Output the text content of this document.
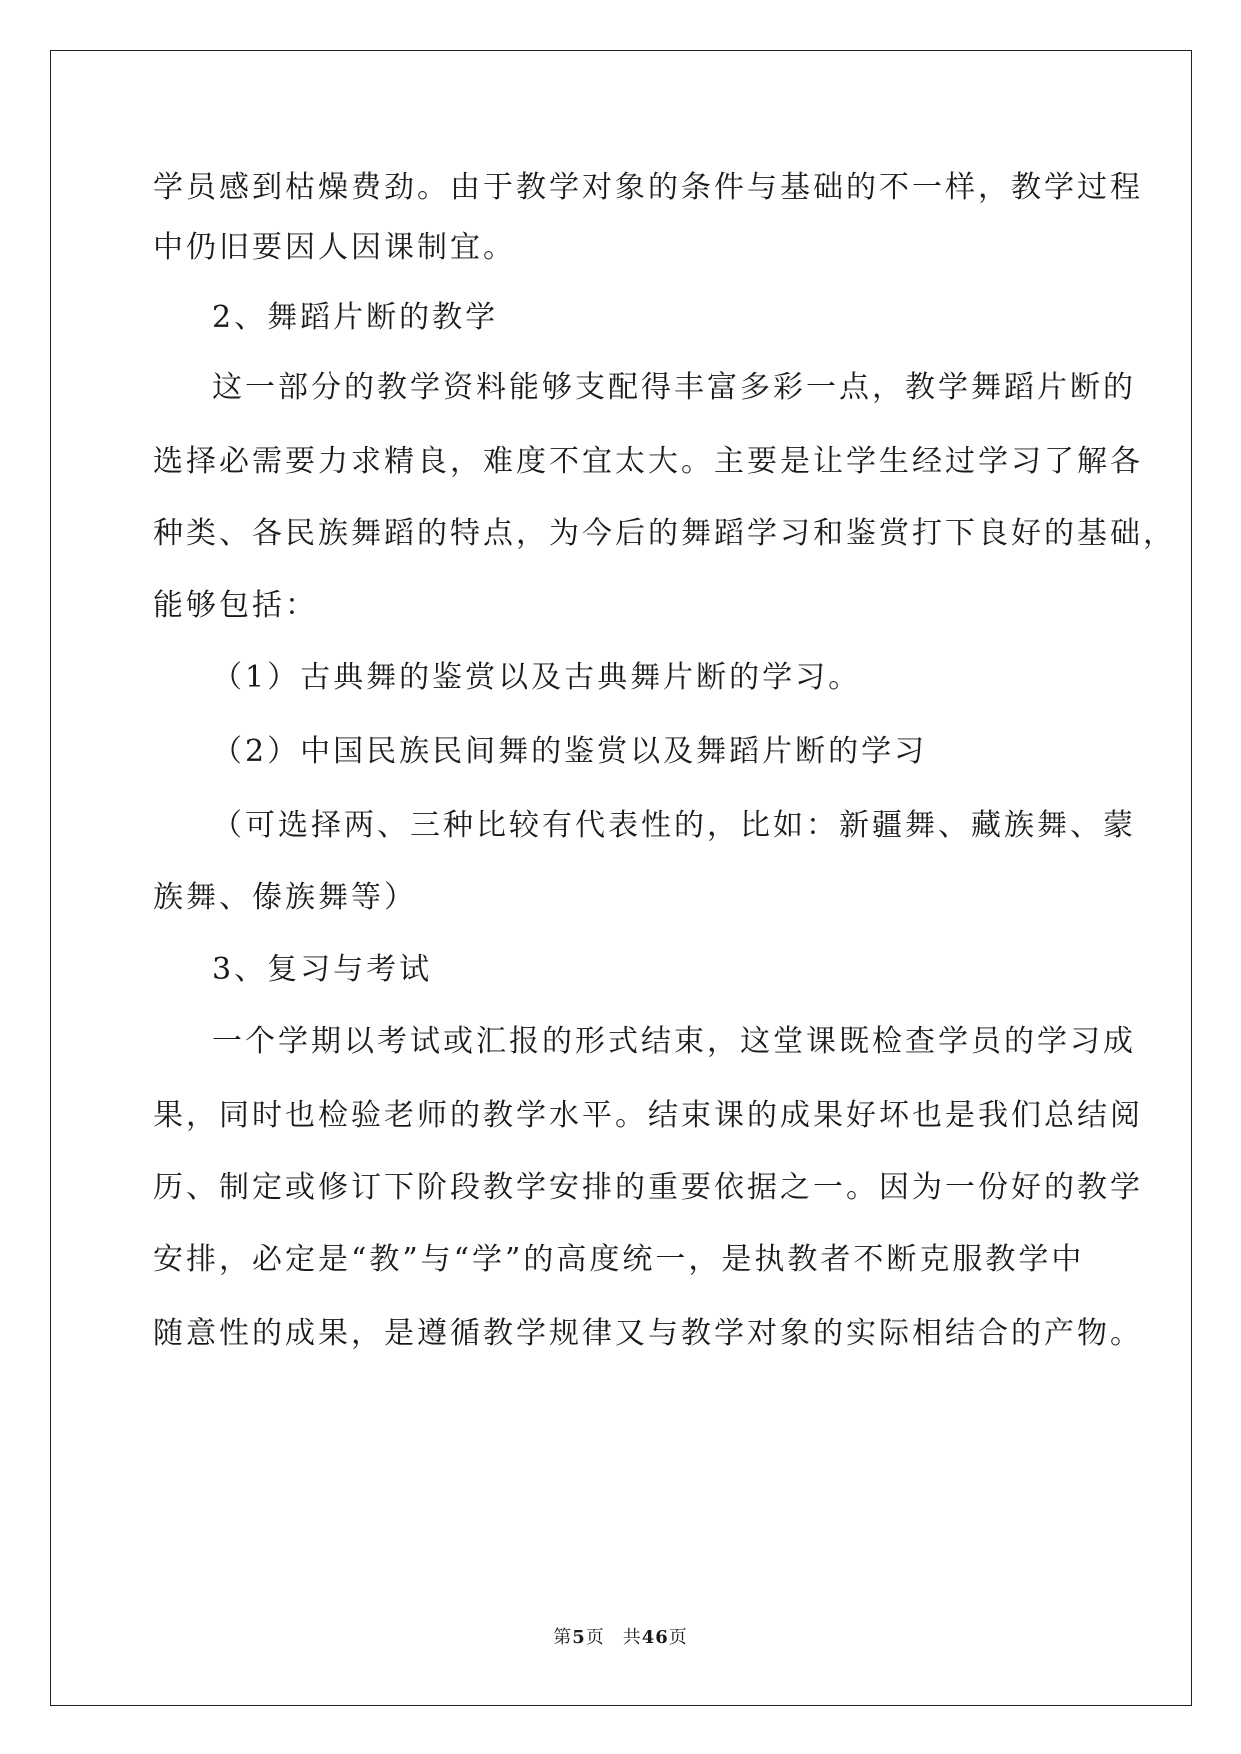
学员感到枯燥费劲。由于教学对象的条件与基础的不一样，教学过程
中仍旧要因人因课制宜。
2、舞蹈片断的教学
这一部分的教学资料能够支配得丰富多彩一点，教学舞蹈片断的
选择必需要力求精良，难度不宜太大。主要是让学生经过学习了解各
种类、各民族舞蹈的特点，为今后的舞蹈学习和鉴赏打下良好的基础，
能够包括：
（1）古典舞的鉴赏以及古典舞片断的学习。
（2）中国民族民间舞的鉴赏以及舞蹈片断的学习
（可选择两、三种比较有代表性的，比如：新疆舞、藏族舞、蒙
族舞、傣族舞等）
3、复习与考试
一个学期以考试或汇报的形式结束，这堂课既检查学员的学习成
果，同时也检验老师的教学水平。结束课的成果好坏也是我们总结阅
历、制定或修订下阶段教学安排的重要依据之一。因为一份好的教学
安排，必定是“教”与“学”的高度统一，是执教者不断克服教学中
随意性的成果，是遵循教学规律又与教学对象的实际相结合的产物。
第5页 共46页
